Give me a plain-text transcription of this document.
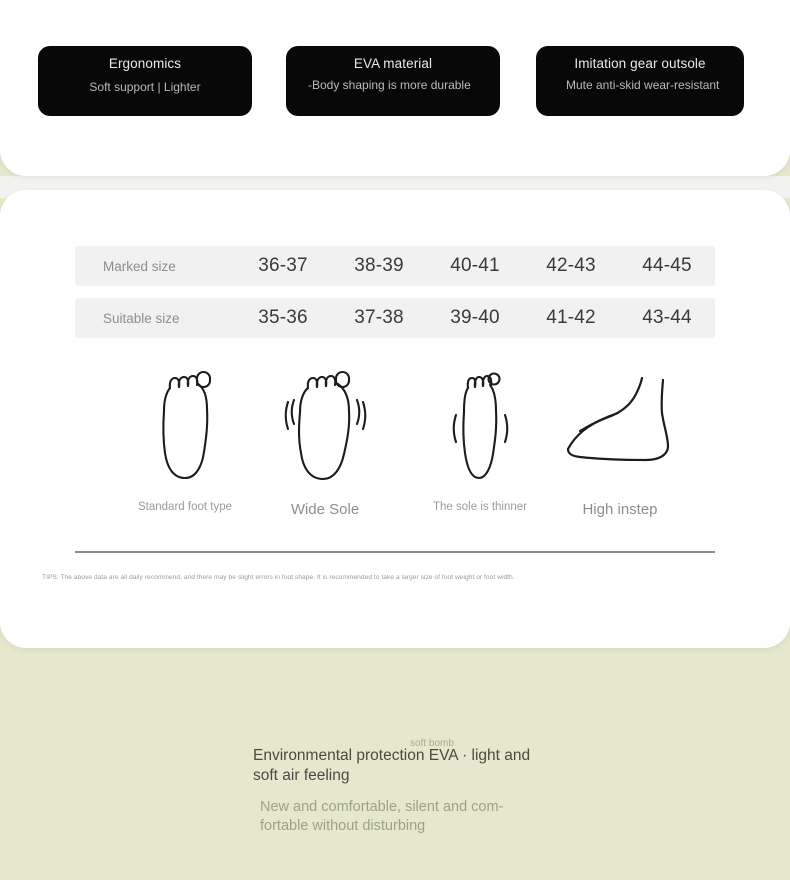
Ergonomics
Soft support | Lighter
EVA material
-Body shaping is more durable
Imitation gear outsole
Mute anti-skid wear-resistant
Marked size	36-37	38-39	40-41	42-43	44-45
Suitable size	35-36	37-38	39-40	41-42	43-44
Standard foot type	Wide Sole	The sole is thinner	High instep
TIPS: The above data are all daily recommend, and there may be slight errors in foot shape. It is recommended to take a larger size of foot weight or foot width.
soft bomb
Environmental protection EVA · light and soft air feeling
New and comfortable, silent and com-fortable without disturbing
